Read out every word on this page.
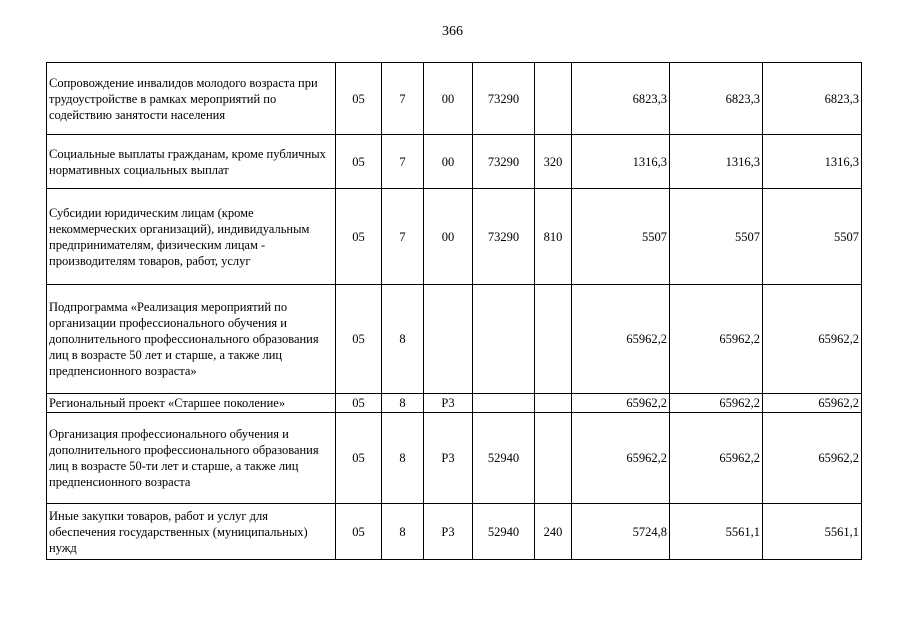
366
Сопровождение инвалидов молодого возраста при трудоустройстве в рамках мероприятий по содействию занятости населения	05	7	00	73290		6823,3	6823,3	6823,3
Социальные выплаты гражданам, кроме публичных нормативных социальных выплат	05	7	00	73290	320	1316,3	1316,3	1316,3
Субсидии юридическим лицам (кроме некоммерческих организаций), индивидуальным предпринимателям, физическим лицам - производителям товаров, работ, услуг	05	7	00	73290	810	5507	5507	5507
Подпрограмма «Реализация мероприятий по организации профессионального обучения и дополнительного профессионального образования лиц в возрасте 50 лет и старше, а также лиц предпенсионного возраста»	05	8				65962,2	65962,2	65962,2
Региональный проект «Старшее поколение»	05	8	Р3			65962,2	65962,2	65962,2
Организация профессионального обучения и дополнительного профессионального образования лиц в возрасте 50-ти лет и старше, а также лиц предпенсионного возраста	05	8	Р3	52940		65962,2	65962,2	65962,2
Иные закупки товаров, работ и услуг для обеспечения государственных (муниципальных) нужд	05	8	Р3	52940	240	5724,8	5561,1	5561,1
